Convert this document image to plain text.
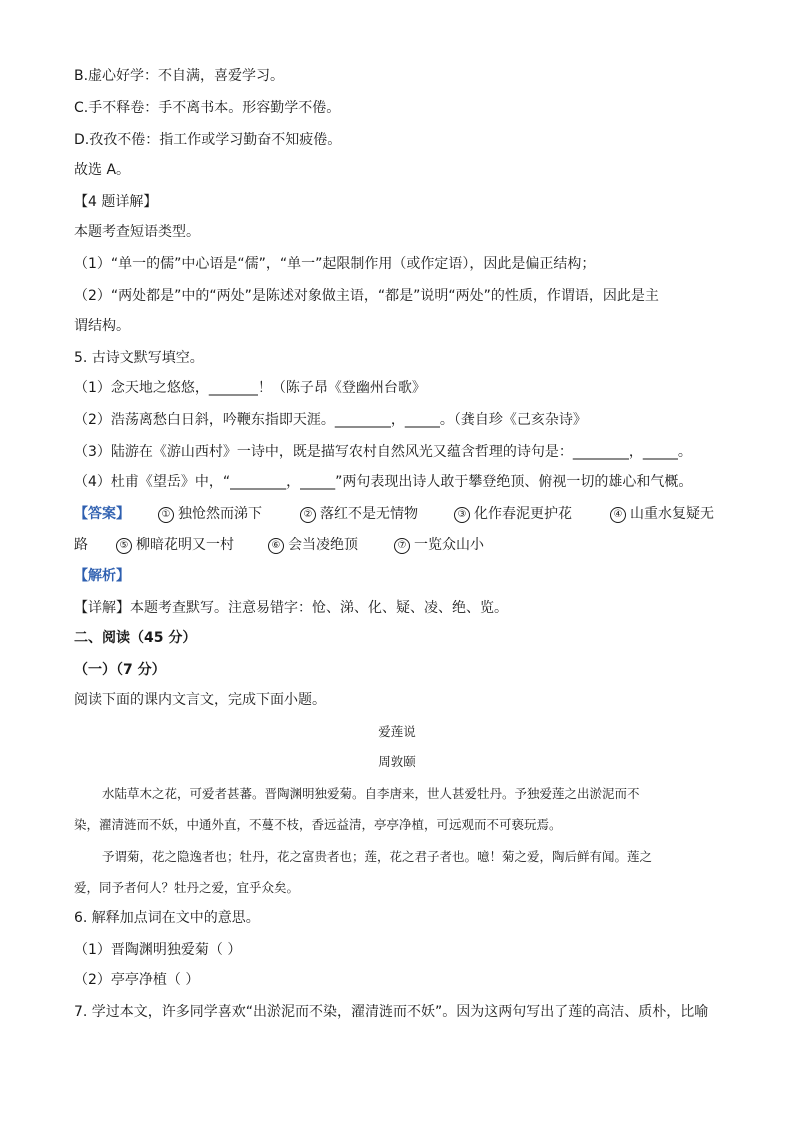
B.虚心好学：不自满，喜爱学习。
C.手不释卷：手不离书本。形容勤学不倦。
D.孜孜不倦：指工作或学习勤奋不知疲倦。
故选 A。
【4 题详解】
本题考查短语类型。
（1）“单一的儒”中心语是“儒”，“单一”起限制作用（或作定语），因此是偏正结构；
（2）“两处都是”中的“两处”是陈述对象做主语，“都是”说明“两处”的性质，作谓语，因此是主
谓结构。
5. 古诗文默写填空。
（1）念天地之悠悠，_______！（陈子昂《登幽州台歌》
（2）浩荡离愁白日斜，吟鞭东指即天涯。________，_____。（龚自珍《己亥杂诗》
（3）陆游在《游山西村》一诗中，既是描写农村自然风光又蕴含哲理的诗句是：________，_____。
（4）杜甫《望岳》中，“________，_____”两句表现出诗人敢于攀登绝顶、俯视一切的雄心和气概。
【答案】	① 独怆然而涕下	② 落红不是无情物	③ 化作春泥更护花	④ 山重水复疑无
路	⑤ 柳暗花明又一村	⑥ 会当凌绝顶	⑦ 一览众山小
【解析】
【详解】本题考查默写。注意易错字：怆、涕、化、疑、凌、绝、览。
二、阅读（45 分）
（一）（7 分）
阅读下面的课内文言文，完成下面小题。
爱莲说
周敦颐
水陆草木之花，可爱者甚蕃。晋陶渊明独爱菊。自李唐来，世人甚爱牡丹。予独爱莲之出淤泥而不
染，濯清涟而不妖，中通外直，不蔓不枝，香远益清，亭亭净植，可远观而不可亵玩焉。
予谓菊，花之隐逸者也；牡丹，花之富贵者也；莲，花之君子者也。噫！菊之爱，陶后鲜有闻。莲之
爱，同予者何人？牡丹之爱，宜乎众矣。
6. 解释加点词在文中的意思。
（1）晋陶渊明独爱菊（ ）
（2）亭亭净植（ ）
7. 学过本文，许多同学喜欢“出淤泥而不染，濯清涟而不妖”。因为这两句写出了莲的高洁、质朴，比喻
